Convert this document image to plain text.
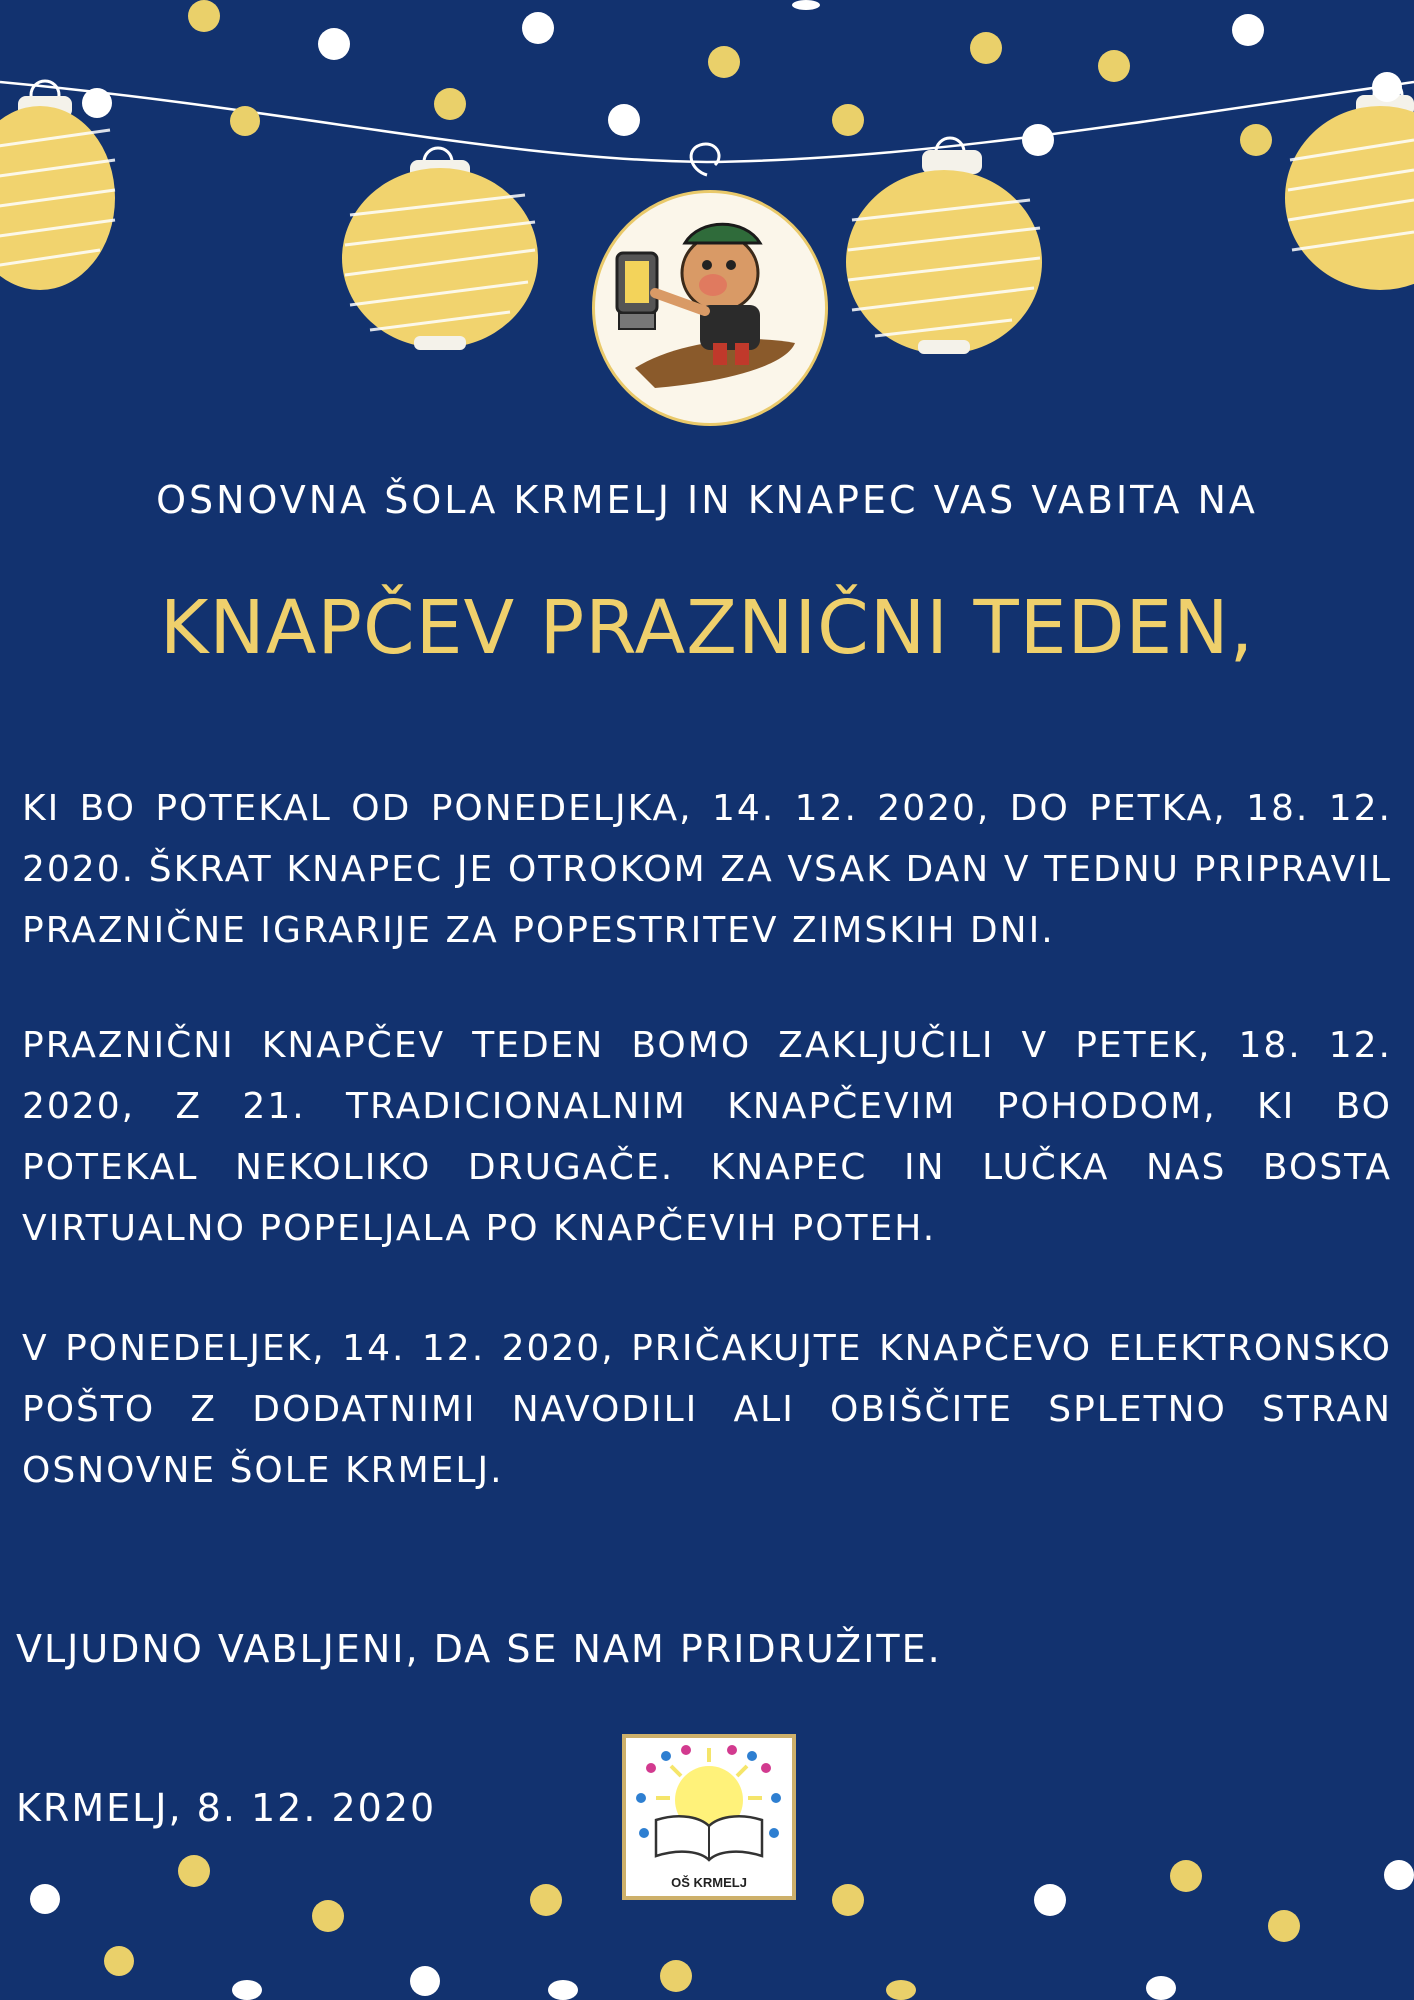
OSNOVNA ŠOLA KRMELJ IN KNAPEC VAS VABITA NA
KNAPČEV PRAZNIČNI TEDEN,
KI BO POTEKAL OD PONEDELJKA, 14. 12. 2020, DO PETKA, 18. 12. 2020. ŠKRAT KNAPEC JE OTROKOM ZA VSAK DAN V TEDNU PRIPRAVIL PRAZNIČNE IGRARIJE ZA POPESTRITEV ZIMSKIH DNI.
PRAZNIČNI KNAPČEV TEDEN BOMO ZAKLJUČILI V PETEK, 18. 12. 2020, Z 21. TRADICIONALNIM KNAPČEVIM POHODOM, KI BO POTEKAL NEKOLIKO DRUGAČE. KNAPEC IN LUČKA NAS BOSTA VIRTUALNO POPELJALA PO KNAPČEVIH POTEH.
V PONEDELJEK, 14. 12. 2020, PRIČAKUJTE KNAPČEVO ELEKTRONSKO POŠTO Z DODATNIMI NAVODILI ALI OBIŠČITE SPLETNO STRAN OSNOVNE ŠOLE KRMELJ.
VLJUDNO VABLJENI, DA SE NAM PRIDRUŽITE.
KRMELJ, 8. 12. 2020
OŠ KRMELJ
